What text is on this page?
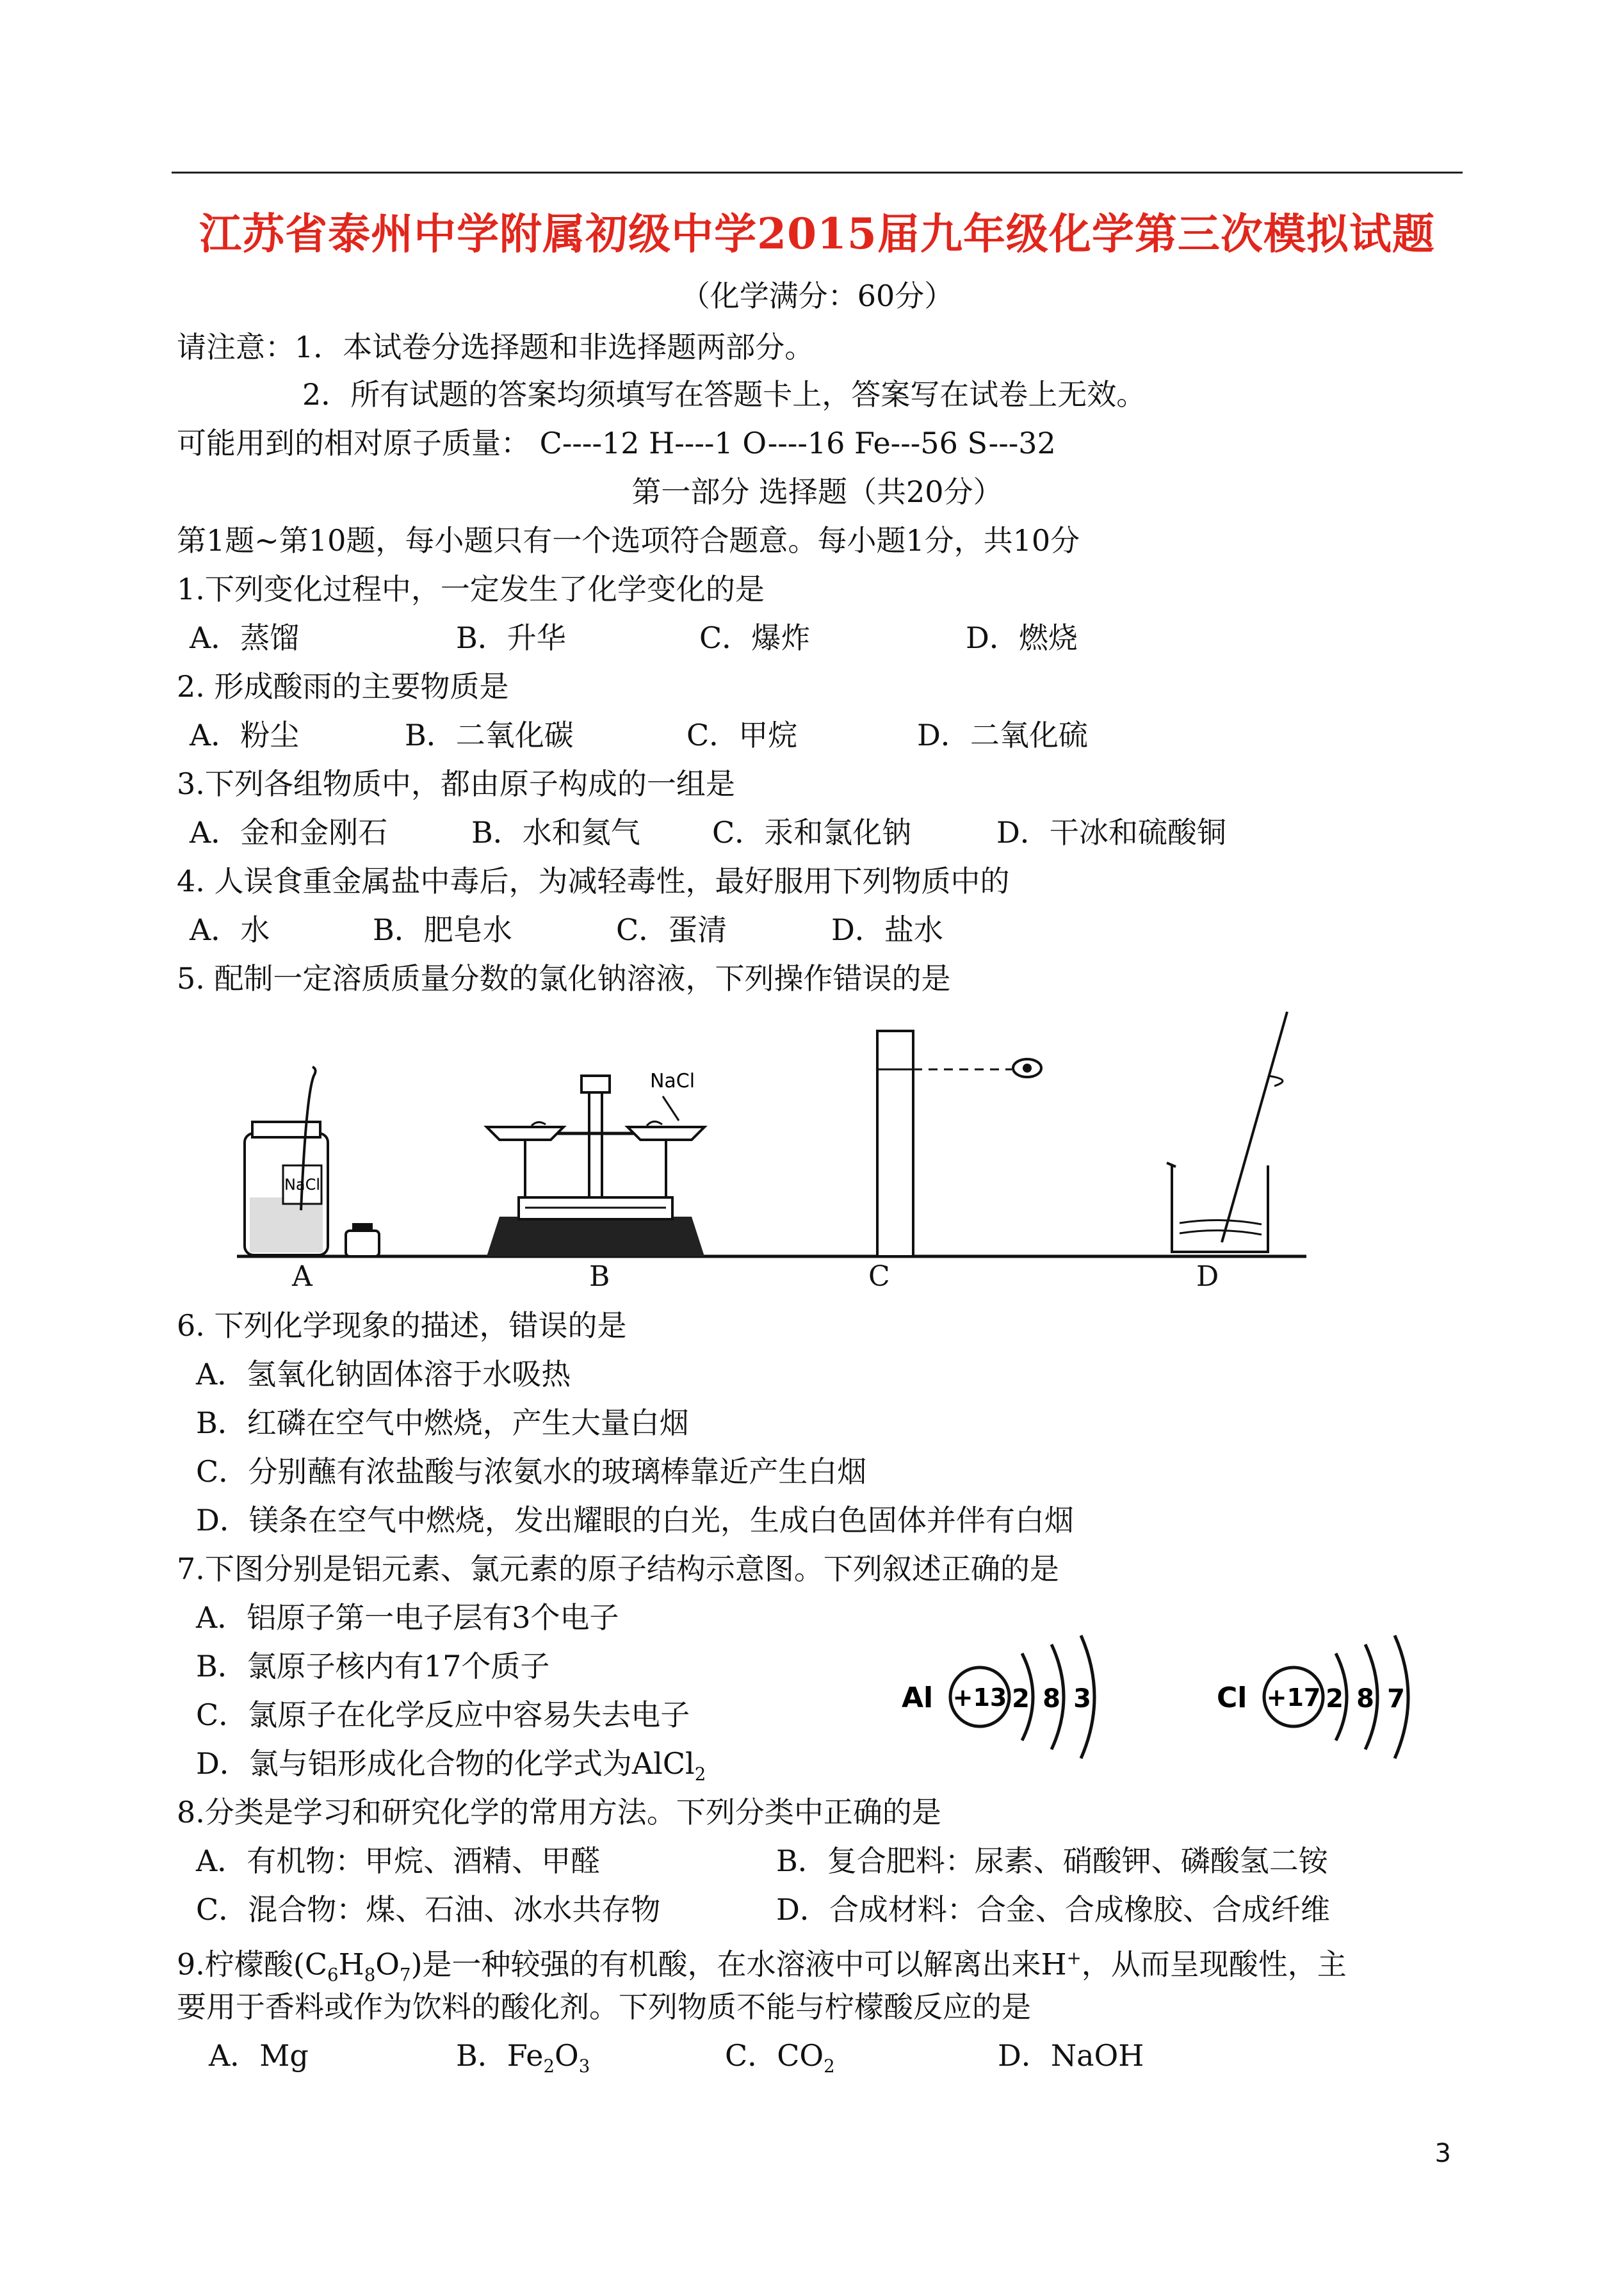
江苏省泰州中学附属初级中学2015届九年级化学第三次模拟试题
（化学满分：60分）
请注意：1．本试卷分选择题和非选择题两部分。
2．所有试题的答案均须填写在答题卡上，答案写在试卷上无效。
可能用到的相对原子质量： C----12 H----1 O----16 Fe---56 S---32
第一部分 选择题（共20分）
第1题~第10题，每小题只有一个选项符合题意。每小题1分，共10分
1.下列变化过程中，一定发生了化学变化的是
A．蒸馏	B．升华	C．爆炸	D．燃烧
2. 形成酸雨的主要物质是
A．粉尘	B．二氧化碳	C．甲烷	D．二氧化硫
3.下列各组物质中，都由原子构成的一组是
A．金和金刚石	B．水和氦气 C．汞和氯化钠	D．干冰和硫酸铜
4. 人误食重金属盐中毒后，为减轻毒性，最好服用下列物质中的
A．水	B．肥皂水	C．蛋清	D．盐水
5. 配制一定溶质质量分数的氯化钠溶液，下列操作错误的是
NaCl
NaCl
A	B	C	D
6. 下列化学现象的描述，错误的是
A．氢氧化钠固体溶于水吸热
B．红磷在空气中燃烧，产生大量白烟
C．分别蘸有浓盐酸与浓氨水的玻璃棒靠近产生白烟
D．镁条在空气中燃烧，发出耀眼的白光，生成白色固体并伴有白烟
7.下图分别是铝元素、氯元素的原子结构示意图。下列叙述正确的是
A．铝原子第一电子层有3个电子
B．氯原子核内有17个质子
C．氯原子在化学反应中容易失去电子
D．氯与铝形成化合物的化学式为AlCl$_2$
Al +13 2 8 3	Cl +17 2 8 7
8.分类是学习和研究化学的常用方法。下列分类中正确的是
A．有机物：甲烷、酒精、甲醛	B．复合肥料：尿素、硝酸钾、磷酸氢二铵
C．混合物：煤、石油、冰水共存物	D．合成材料：合金、合成橡胶、合成纤维
9.柠檬酸$(C_6H_8O_7)$是一种较强的有机酸，在水溶液中可以解离出来H+，从而呈现酸性，主
要用于香料或作为饮料的酸化剂。下列物质不能与柠檬酸反应的是
A．Mg	B．$Fe_2O_3$	C．$CO_2$	D．NaOH
3
